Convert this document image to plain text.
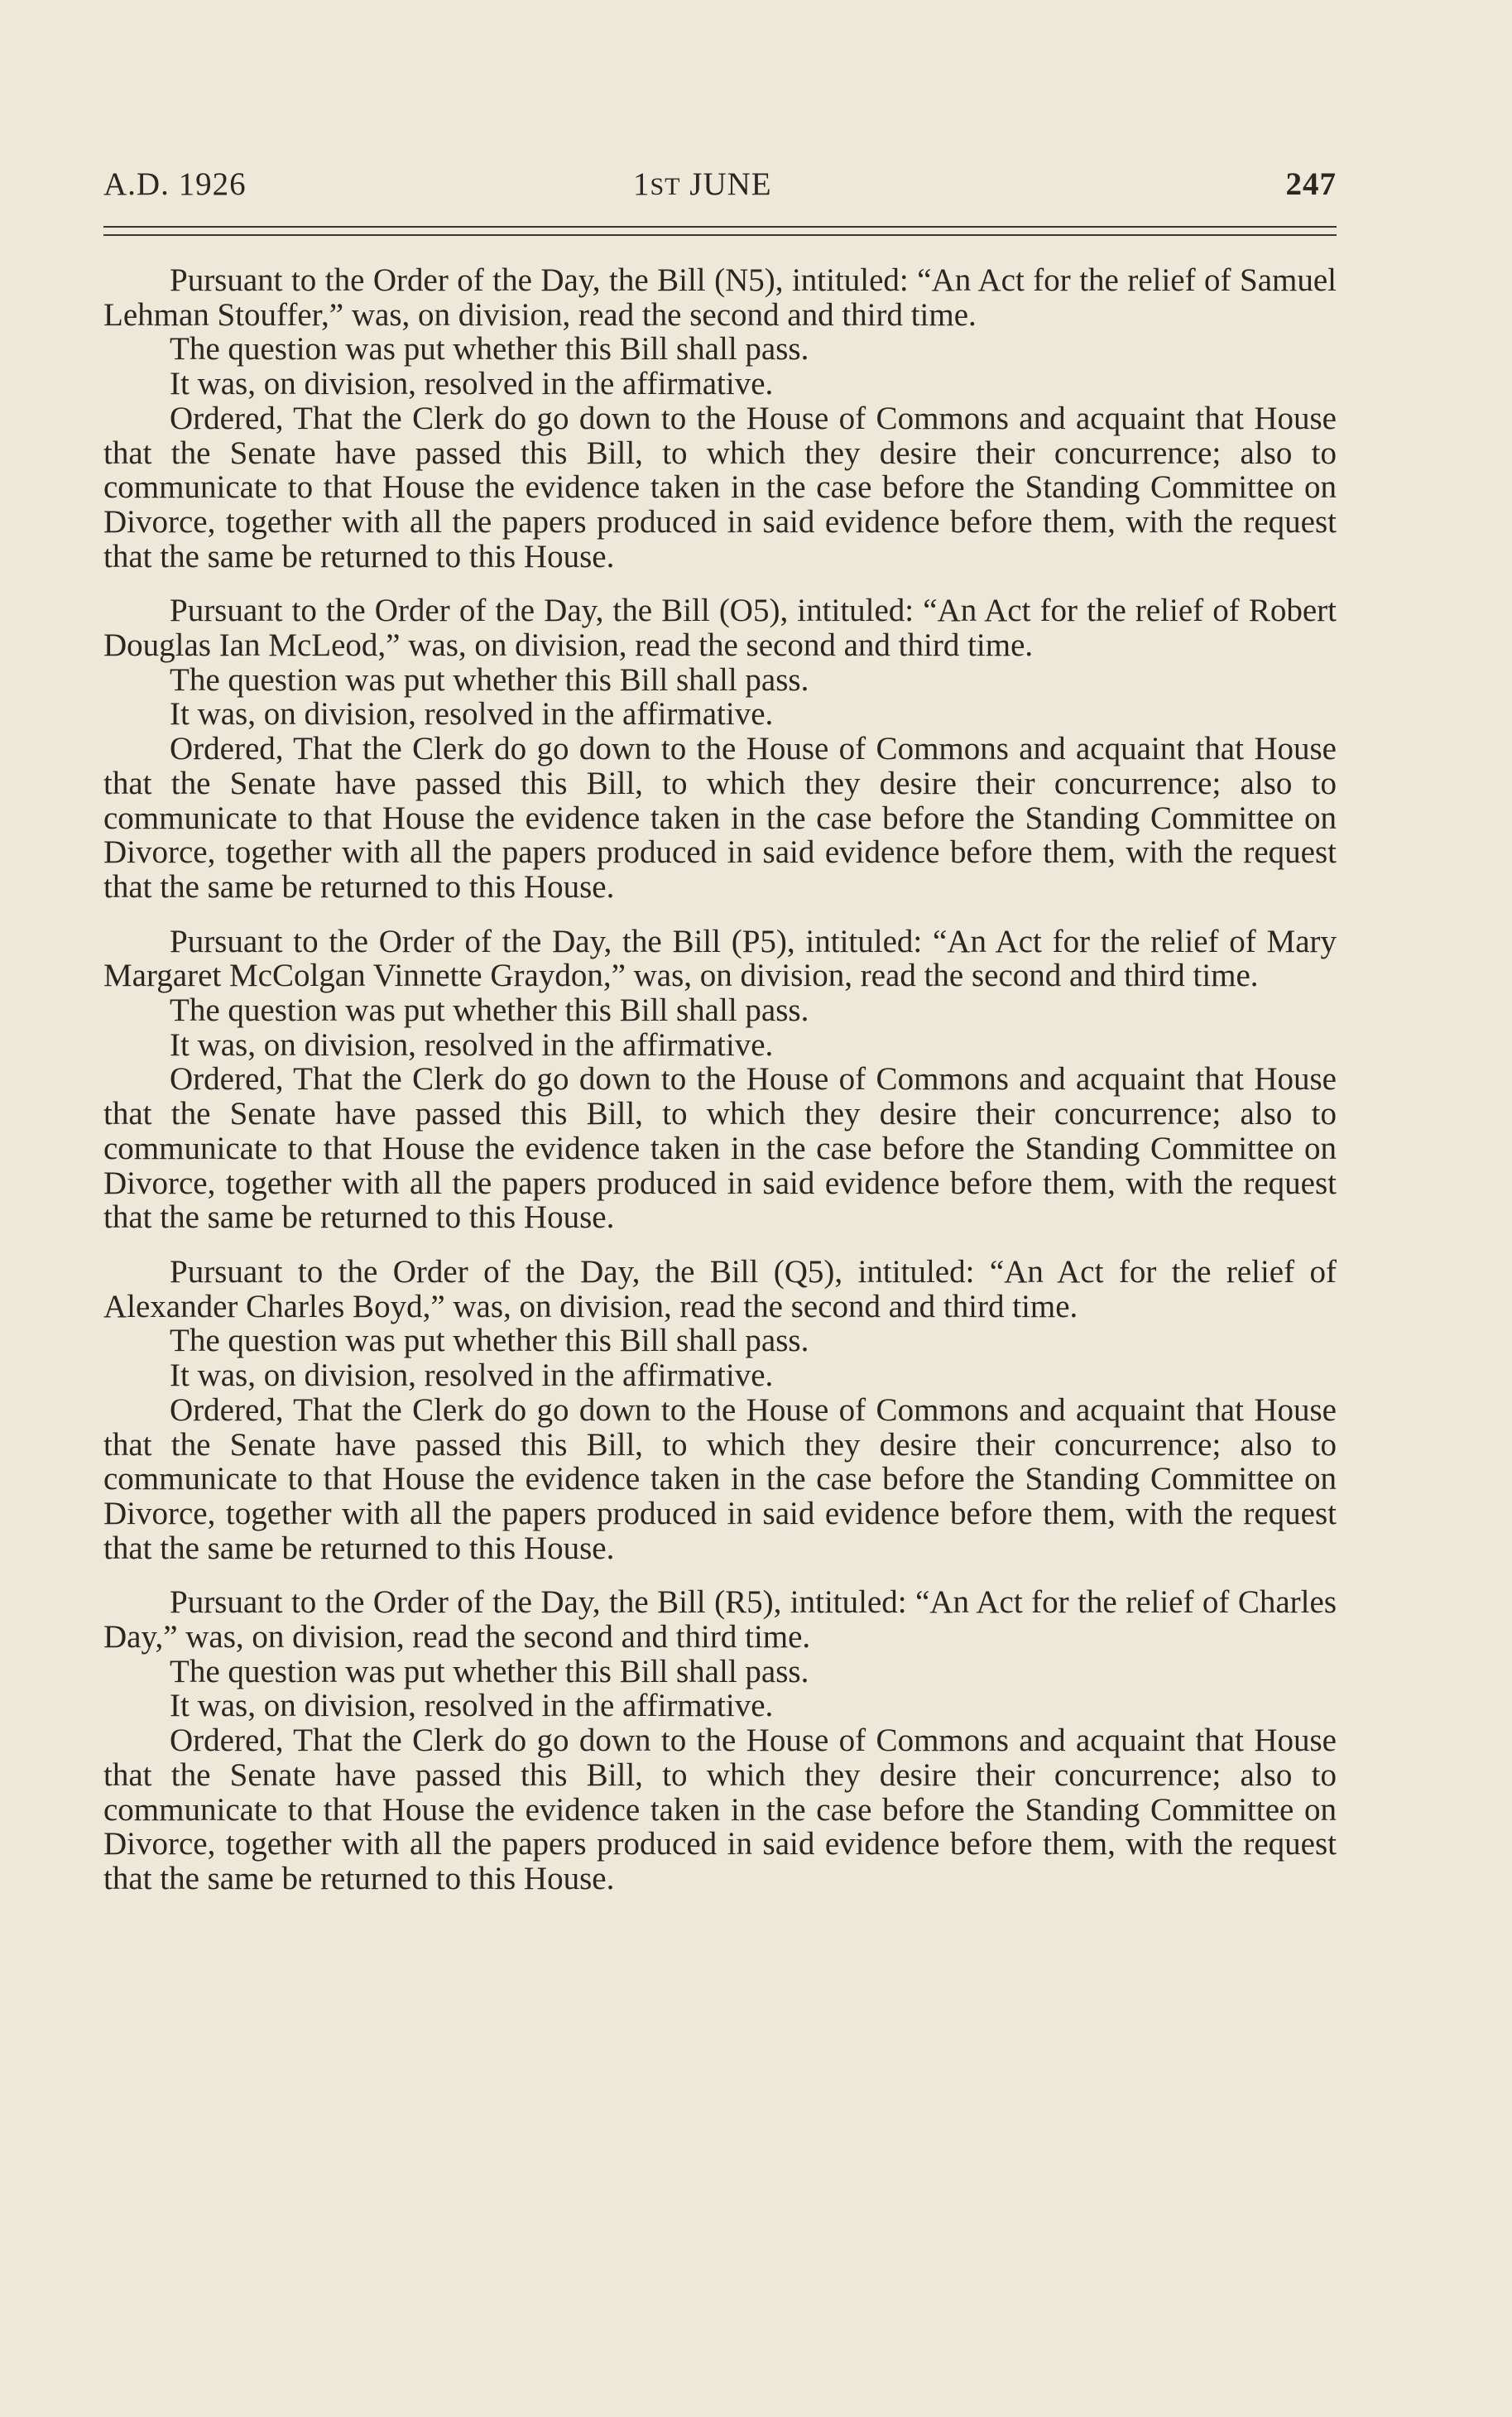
A.D. 1926	1ST JUNE	247

Pursuant to the Order of the Day, the Bill (N5), intituled: “An Act for the relief of Samuel Lehman Stouffer,” was, on division, read the second and third time.

The question was put whether this Bill shall pass.

It was, on division, resolved in the affirmative.

Ordered, That the Clerk do go down to the House of Commons and acquaint that House that the Senate have passed this Bill, to which they desire their concurrence; also to communicate to that House the evidence taken in the case before the Standing Committee on Divorce, together with all the papers produced in said evidence before them, with the request that the same be returned to this House.

Pursuant to the Order of the Day, the Bill (O5), intituled: “An Act for the relief of Robert Douglas Ian McLeod,” was, on division, read the second and third time.

The question was put whether this Bill shall pass.

It was, on division, resolved in the affirmative.

Ordered, That the Clerk do go down to the House of Commons and acquaint that House that the Senate have passed this Bill, to which they desire their concurrence; also to communicate to that House the evidence taken in the case before the Standing Committee on Divorce, together with all the papers produced in said evidence before them, with the request that the same be returned to this House.

Pursuant to the Order of the Day, the Bill (P5), intituled: “An Act for the relief of Mary Margaret McColgan Vinnette Graydon,” was, on division, read the second and third time.

The question was put whether this Bill shall pass.

It was, on division, resolved in the affirmative.

Ordered, That the Clerk do go down to the House of Commons and acquaint that House that the Senate have passed this Bill, to which they desire their concurrence; also to communicate to that House the evidence taken in the case before the Standing Committee on Divorce, together with all the papers produced in said evidence before them, with the request that the same be returned to this House.

Pursuant to the Order of the Day, the Bill (Q5), intituled: “An Act for the relief of Alexander Charles Boyd,” was, on division, read the second and third time.

The question was put whether this Bill shall pass.

It was, on division, resolved in the affirmative.

Ordered, That the Clerk do go down to the House of Commons and acquaint that House that the Senate have passed this Bill, to which they desire their concurrence; also to communicate to that House the evidence taken in the case before the Standing Committee on Divorce, together with all the papers produced in said evidence before them, with the request that the same be returned to this House.

Pursuant to the Order of the Day, the Bill (R5), intituled: “An Act for the relief of Charles Day,” was, on division, read the second and third time.

The question was put whether this Bill shall pass.

It was, on division, resolved in the affirmative.

Ordered, That the Clerk do go down to the House of Commons and acquaint that House that the Senate have passed this Bill, to which they desire their concurrence; also to communicate to that House the evidence taken in the case before the Standing Committee on Divorce, together with all the papers produced in said evidence before them, with the request that the same be returned to this House.
